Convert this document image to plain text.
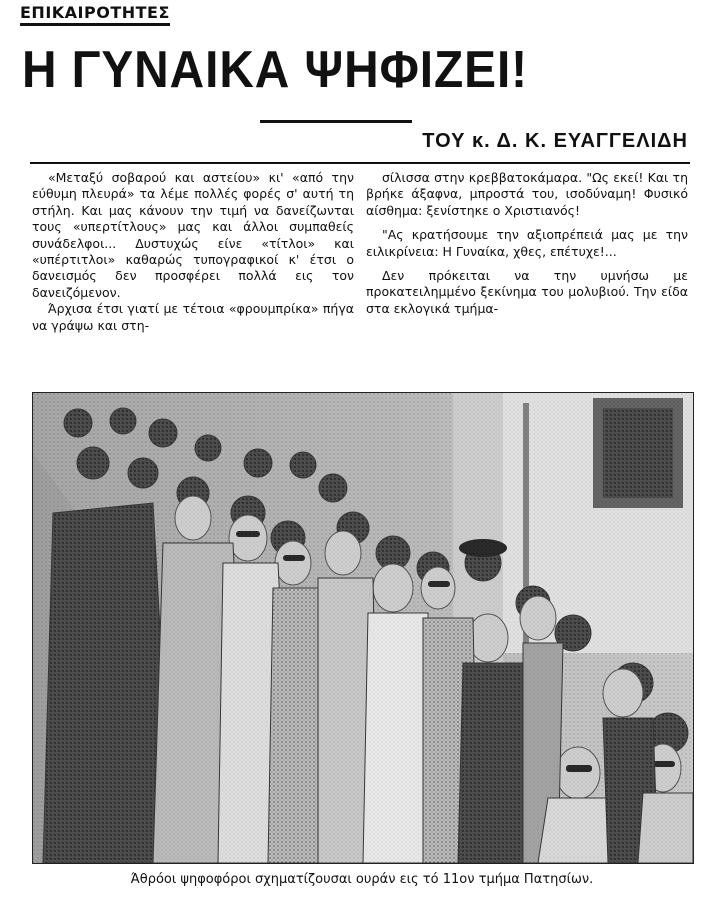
ΕΠΙΚΑΙΡΟΤΗΤΕΣ
Η ΓΥΝΑΙΚΑ ΨΗΦΙΖΕΙ!
ΤΟΥ κ. Δ. Κ. ΕΥΑΓΓΕΛΙΔΗ

«Μεταξύ σοβαρού και αστείου» κι' «από την εύθυμη πλευρά» τα λέμε πολλές φορές σ' αυτή τη στήλη. Και μας κάνουν την τιμή να δανείζωνται τους «υπερτίτλους» μας και άλλοι συμπαθείς συνάδελφοι... Δυστυχώς είνε «τίτλοι» και «υπέρτιτλοι» καθαρώς τυπογραφικοί κ' έτσι ο δανεισμός δεν προσφέρει πολλά εις τον δανειζόμενον.

Άρχισα έτσι γιατί με τέτοια «φρουμπρίκα» πήγα να γράψω και στη-

σίλισσα στην κρεββατοκάμαρα. "Ως εκεί! Και τη βρήκε άξαφνα, μπροστά του, ισοδύναμη! Φυσικό αίσθημα: ξενίστηκε ο Χριστιανός!

"Ας κρατήσουμε την αξιοπρέπειά μας με την ειλικρίνεια: Η Γυναίκα, χθες, επέτυχε!...

Δεν πρόκειται να την υμνήσω με προκατειλημμένο ξεκίνημα του μολυβιού. Την είδα στα εκλογικά τμήμα-

Άθρόοι ψηφοφόροι σχηματίζουσαι ουράν εις τό 11ον τμήμα Πατησίων.
